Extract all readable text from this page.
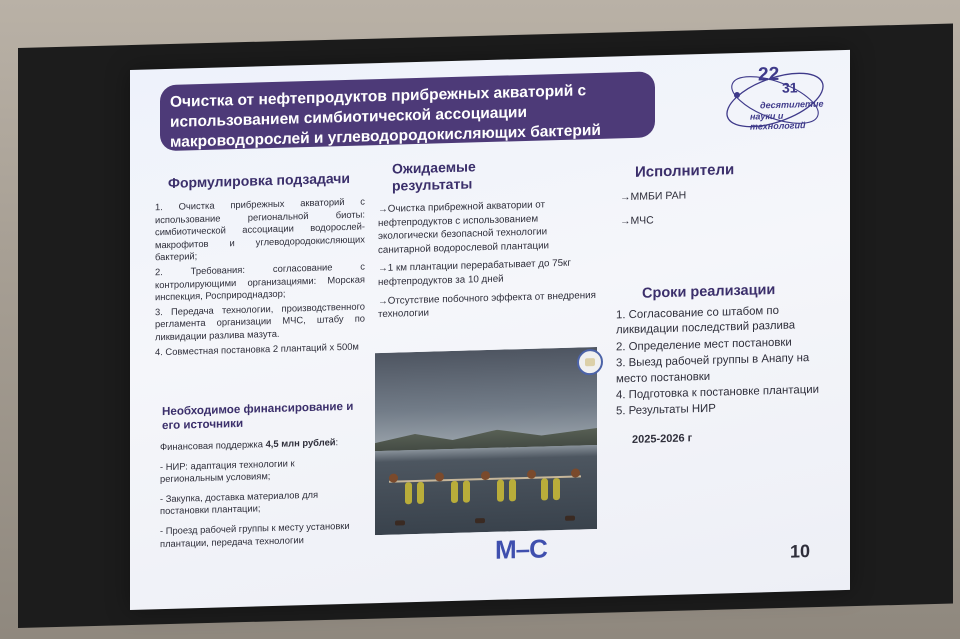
Очистка от нефтепродуктов прибрежных акваторий с
использованием симбиотической ассоциации
макроводорослей и углеводородокисляющих бактерий
22
31
десятилетие
науки и технологий
Формулировка подзадачи
1. Очистка прибрежных акваторий с использование региональной биоты: симбиотической ассоциации водорослей-макрофитов и углеводородокисляющих бактерий;
2. Требования: согласование с контролирующими организациями: Морская инспекция, Росприроднадзор;
3. Передача технологии, производственного регламента организации МЧС, штабу по ликвидации разлива мазута.
4. Совместная постановка 2 плантаций х 500м
Необходимое финансирование и его источники

Финансовая поддержка 4,5 млн рублей:

- НИР: адаптация технологии к региональным условиям;

- Закупка, доставка материалов для постановки плантации;

- Проезд рабочей группы к месту установки плантации, передача технологии

Ожидаемые
результаты
→Очистка прибрежной акватории от нефтепродуктов с использованием экологически безопасной технологии санитарной водорослевой плантации
→1 км плантации перерабатывает до 75кг нефтепродуктов за 10 дней
→Отсутствие побочного эффекта от внедрения технологии
Исполнители
→ММБИ РАН
→МЧС
Сроки реализации
1. Согласование со штабом по ликвидации последствий разлива
2. Определение мест постановки
3. Выезд рабочей группы в Анапу на место постановки
4. Подготовка к постановке плантации
5. Результаты НИР
2025-2026 г
М–С	10
